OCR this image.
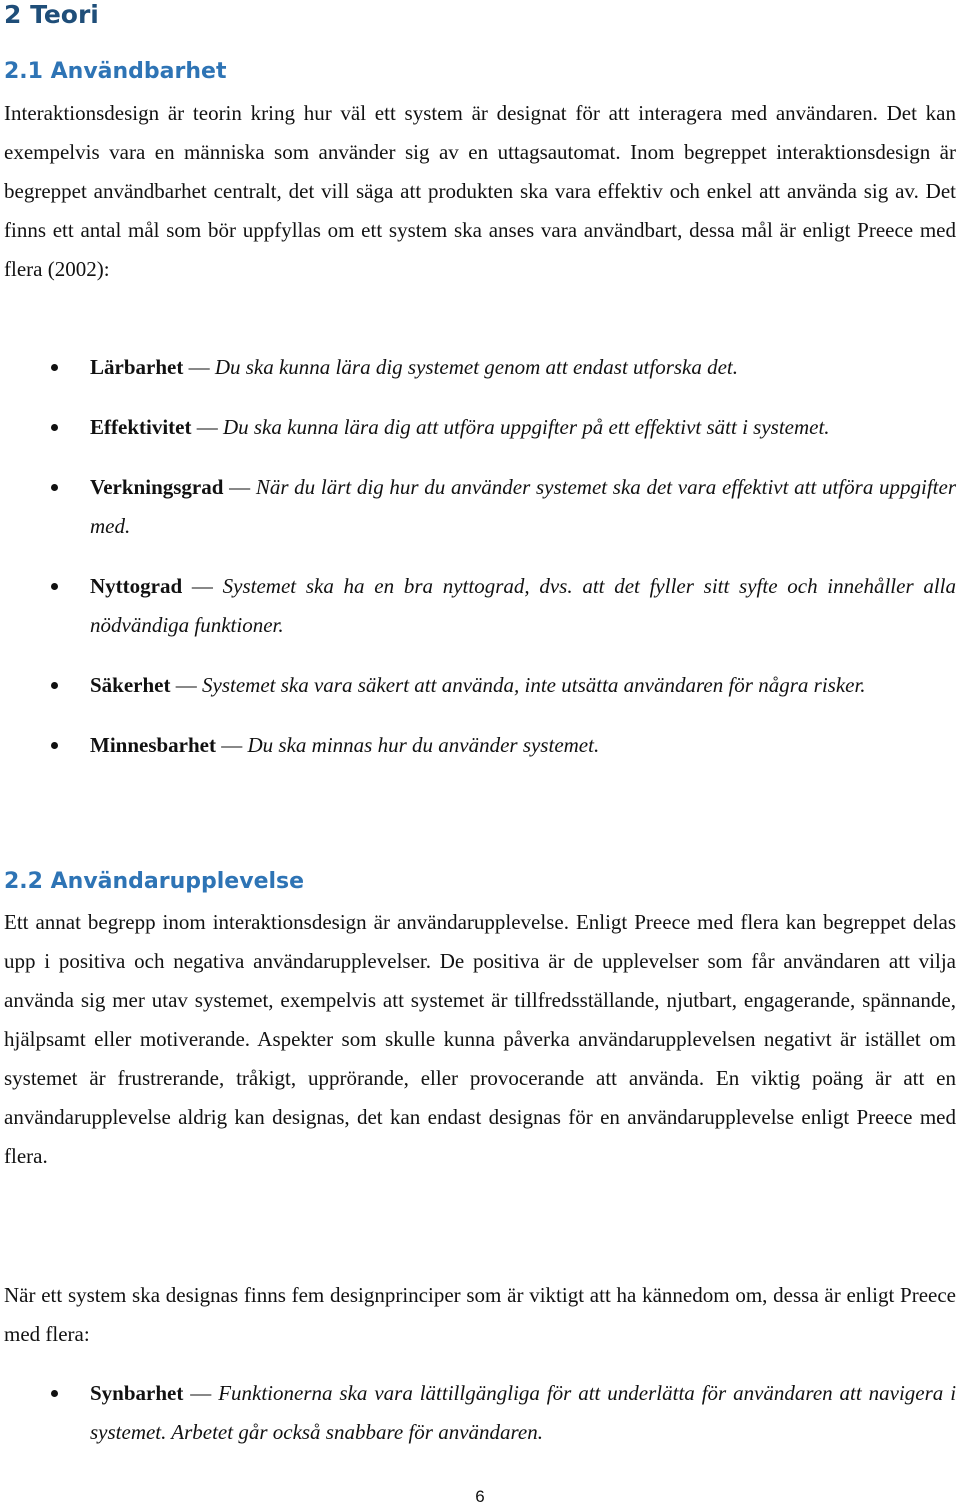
2 Teori
2.1 Användbarhet

Interaktionsdesign är teorin kring hur väl ett system är designat för att interagera med användaren. Det kan exempelvis vara en människa som använder sig av en uttagsautomat. Inom begreppet interaktionsdesign är begreppet användbarhet centralt, det vill säga att produkten ska vara effektiv och enkel att använda sig av. Det finns ett antal mål som bör uppfyllas om ett system ska anses vara användbart, dessa mål är enligt Preece med flera (2002):

Lärbarhet — Du ska kunna lära dig systemet genom att endast utforska det.
Effektivitet — Du ska kunna lära dig att utföra uppgifter på ett effektivt sätt i systemet.
Verkningsgrad — När du lärt dig hur du använder systemet ska det vara effektivt att utföra uppgifter med.
Nyttograd — Systemet ska ha en bra nyttograd, dvs. att det fyller sitt syfte och innehåller alla nödvändiga funktioner.
Säkerhet — Systemet ska vara säkert att använda, inte utsätta användaren för några risker.
Minnesbarhet — Du ska minnas hur du använder systemet.
2.2 Användarupplevelse

Ett annat begrepp inom interaktionsdesign är användarupplevelse. Enligt Preece med flera kan begreppet delas upp i positiva och negativa användarupplevelser. De positiva är de upplevelser som får användaren att vilja använda sig mer utav systemet, exempelvis att systemet är tillfredsställande, njutbart, engagerande, spännande, hjälpsamt eller motiverande. Aspekter som skulle kunna påverka användarupplevelsen negativt är istället om systemet är frustrerande, tråkigt, upprörande, eller provocerande att använda. En viktig poäng är att en användarupplevelse aldrig kan designas, det kan endast designas för en användarupplevelse enligt Preece med flera.

När ett system ska designas finns fem designprinciper som är viktigt att ha kännedom om, dessa är enligt Preece med flera:

Synbarhet — Funktionerna ska vara lättillgängliga för att underlätta för användaren att navigera i systemet. Arbetet går också snabbare för användaren.
6
